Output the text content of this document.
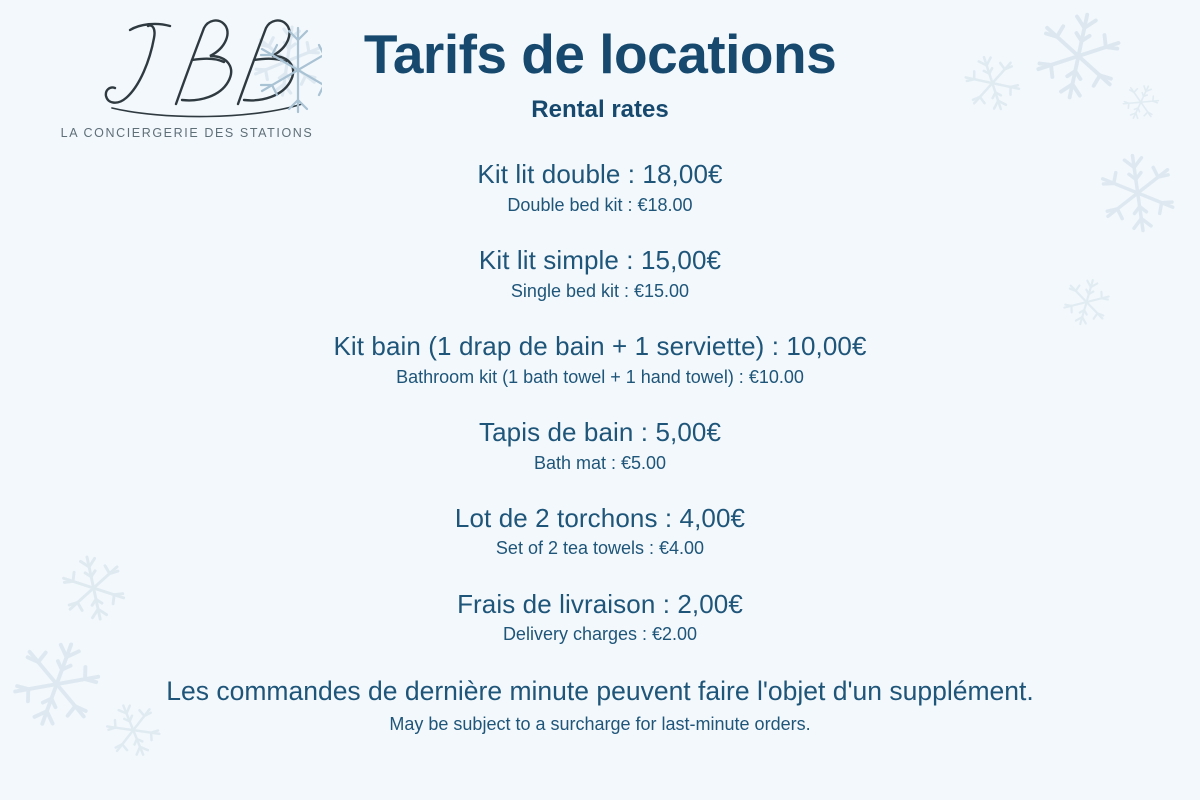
LA CONCIERGERIE DES STATIONS
Tarifs de locations
Rental rates
Kit lit double : 18,00€
Double bed kit : €18.00
Kit lit simple : 15,00€
Single bed kit : €15.00
Kit bain (1 drap de bain + 1 serviette) : 10,00€
Bathroom kit (1 bath towel + 1 hand towel) : €10.00
Tapis de bain : 5,00€
Bath mat : €5.00
Lot de 2 torchons : 4,00€
Set of 2 tea towels : €4.00
Frais de livraison : 2,00€
Delivery charges : €2.00
Les commandes de dernière minute peuvent faire l'objet d'un supplément.
May be subject to a surcharge for last-minute orders.
